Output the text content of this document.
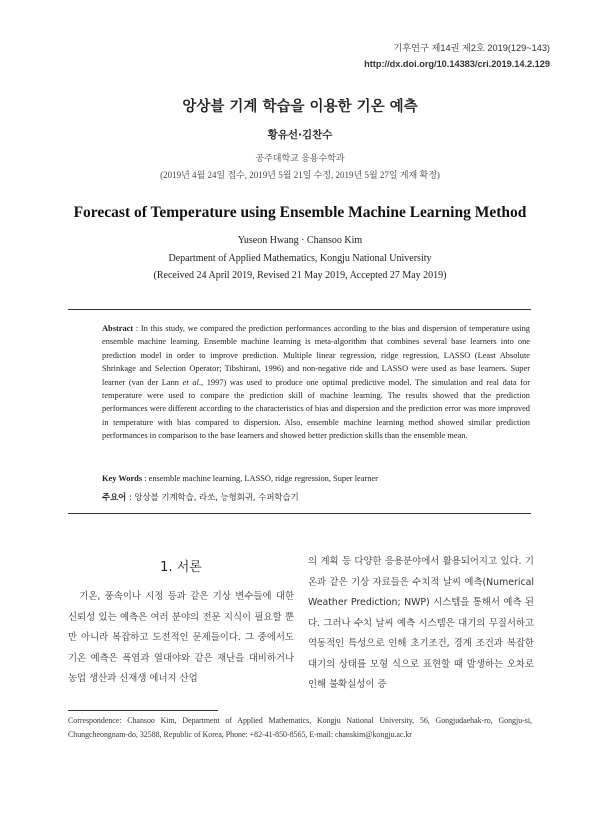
기후연구 제14권 제2호 2019(129~143)
http://dx.doi.org/10.14383/cri.2019.14.2.129
앙상블 기계 학습을 이용한 기온 예측
황유선·김찬수
공주대학교 응용수학과
(2019년 4월 24일 접수, 2019년 5월 21일 수정, 2019년 5월 27일 게재 확정)
Forecast of Temperature using Ensemble Machine Learning Method
Yuseon Hwang · Chansoo Kim
Department of Applied Mathematics, Kongju National University
(Received 24 April 2019, Revised 21 May 2019, Accepted 27 May 2019)
Abstract : In this study, we compared the prediction performances according to the bias and dispersion of temperature using ensemble machine learning. Ensemble machine learning is meta-algorithm that combines several base learners into one prediction model in order to improve prediction. Multiple linear regression, ridge regression, LASSO (Least Absolute Shrinkage and Selection Operator; Tibshirani, 1996) and non-negative ride and LASSO were used as base learners. Super learner (van der Lann et al., 1997) was used to produce one optimal predictive model. The simulation and real data for temperature were used to compare the prediction skill of machine learning. The results showed that the prediction performances were different according to the characteristics of bias and dispersion and the prediction error was more improved in temperature with bias compared to dispersion. Also, ensemble machine learning method showed similar prediction performances in comparison to the base learners and showed better prediction skills than the ensemble mean.
Key Words : ensemble machine learning, LASSO, ridge regression, Super learner
주요어 : 앙상블 기계학습, 라쏘, 능형회귀, 수퍼학습기
1. 서론
기온, 풍속이나 시정 등과 같은 기상 변수들에 대한 신뢰성 있는 예측은 여러 분야의 전문 지식이 필요할 뿐만 아니라 복잡하고 도전적인 문제들이다. 그 중에서도 기온 예측은 폭염과 열대야와 같은 재난을 대비하거나 농업 생산과 신재생 에너지 산업
의 계획 등 다양한 응용분야에서 활용되어지고 있다. 기온과 같은 기상 자료들은 수치적 날씨 예측(Numerical Weather Prediction; NWP) 시스템을 통해서 예측 된다. 그러나 수치 날씨 예측 시스템은 대기의 무질서하고 역동적인 특성으로 인해 초기조건, 경계 조건과 복잡한 대기의 상태를 모형 식으로 표현할 때 발생하는 오차로 인해 불확실성이 증
Correspondence: Chansoo Kim, Department of Applied Mathematics, Kongju National University, 56, Gongjudaehak-ro, Gongju-si, Chungcheongnam-do, 32588, Republic of Korea, Phone: +82-41-850-8565, E-mail: chanskim@kongju.ac.kr
